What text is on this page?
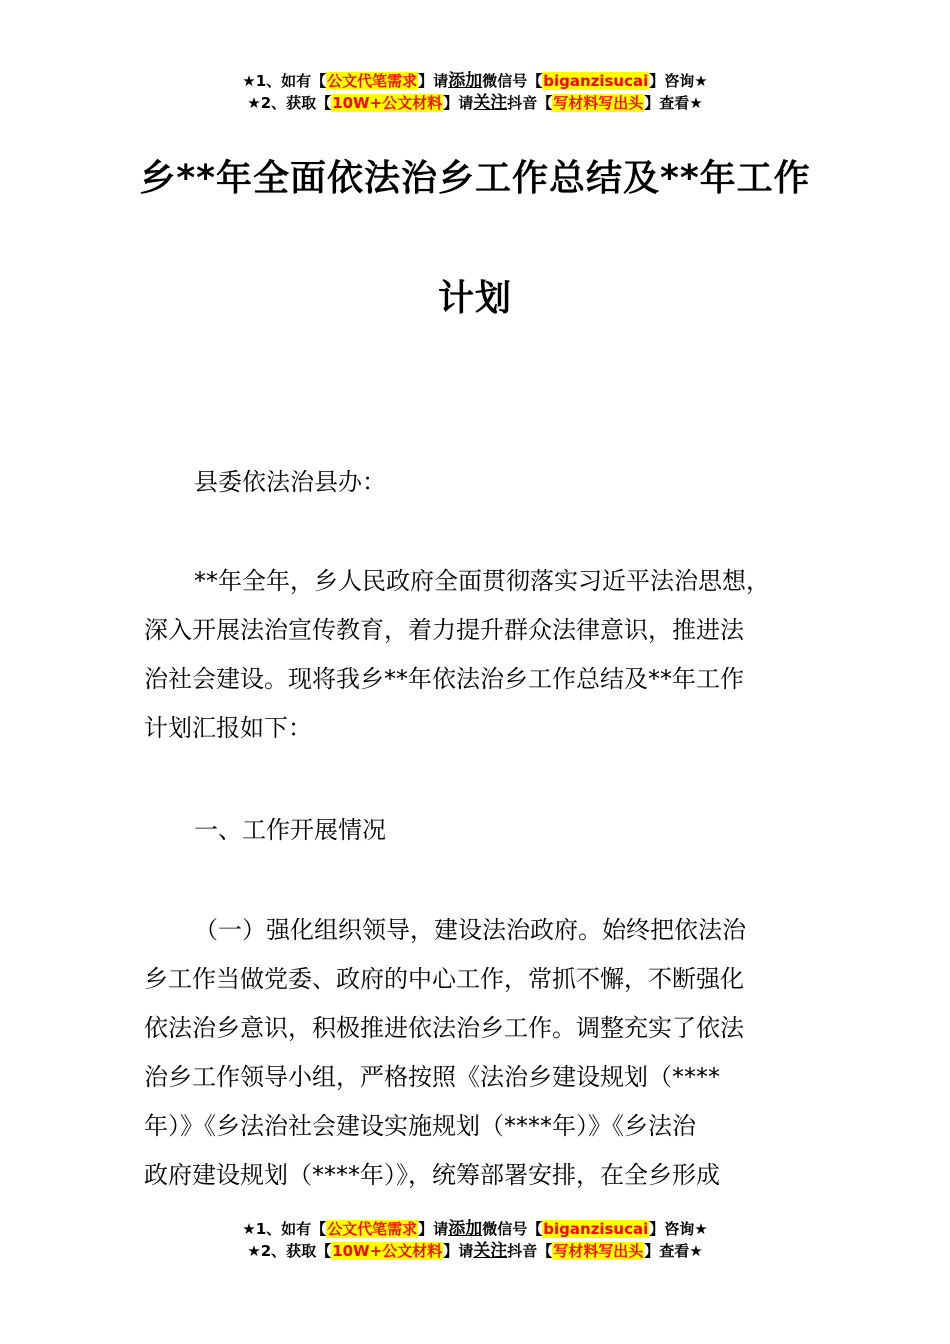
★1、如有【公文代笔需求】请添加微信号【biganzisucai】咨询★
★2、获取【10W+公文材料】请关注抖音【写材料写出头】查看★
乡**年全面依法治乡工作总结及**年工作
计划
县委依法治县办：
**年全年，乡人民政府全面贯彻落实习近平法治思想，
深入开展法治宣传教育，着力提升群众法律意识，推进法
治社会建设。现将我乡**年依法治乡工作总结及**年工作
计划汇报如下：
一、工作开展情况
（一）强化组织领导，建设法治政府。始终把依法治
乡工作当做党委、政府的中心工作，常抓不懈，不断强化
依法治乡意识，积极推进依法治乡工作。调整充实了依法
治乡工作领导小组，严格按照《法治乡建设规划（****
年）》《乡法治社会建设实施规划（****年）》《乡法治
政府建设规划（****年）》，统筹部署安排，在全乡形成
★1、如有【公文代笔需求】请添加微信号【biganzisucai】咨询★
★2、获取【10W+公文材料】请关注抖音【写材料写出头】查看★
